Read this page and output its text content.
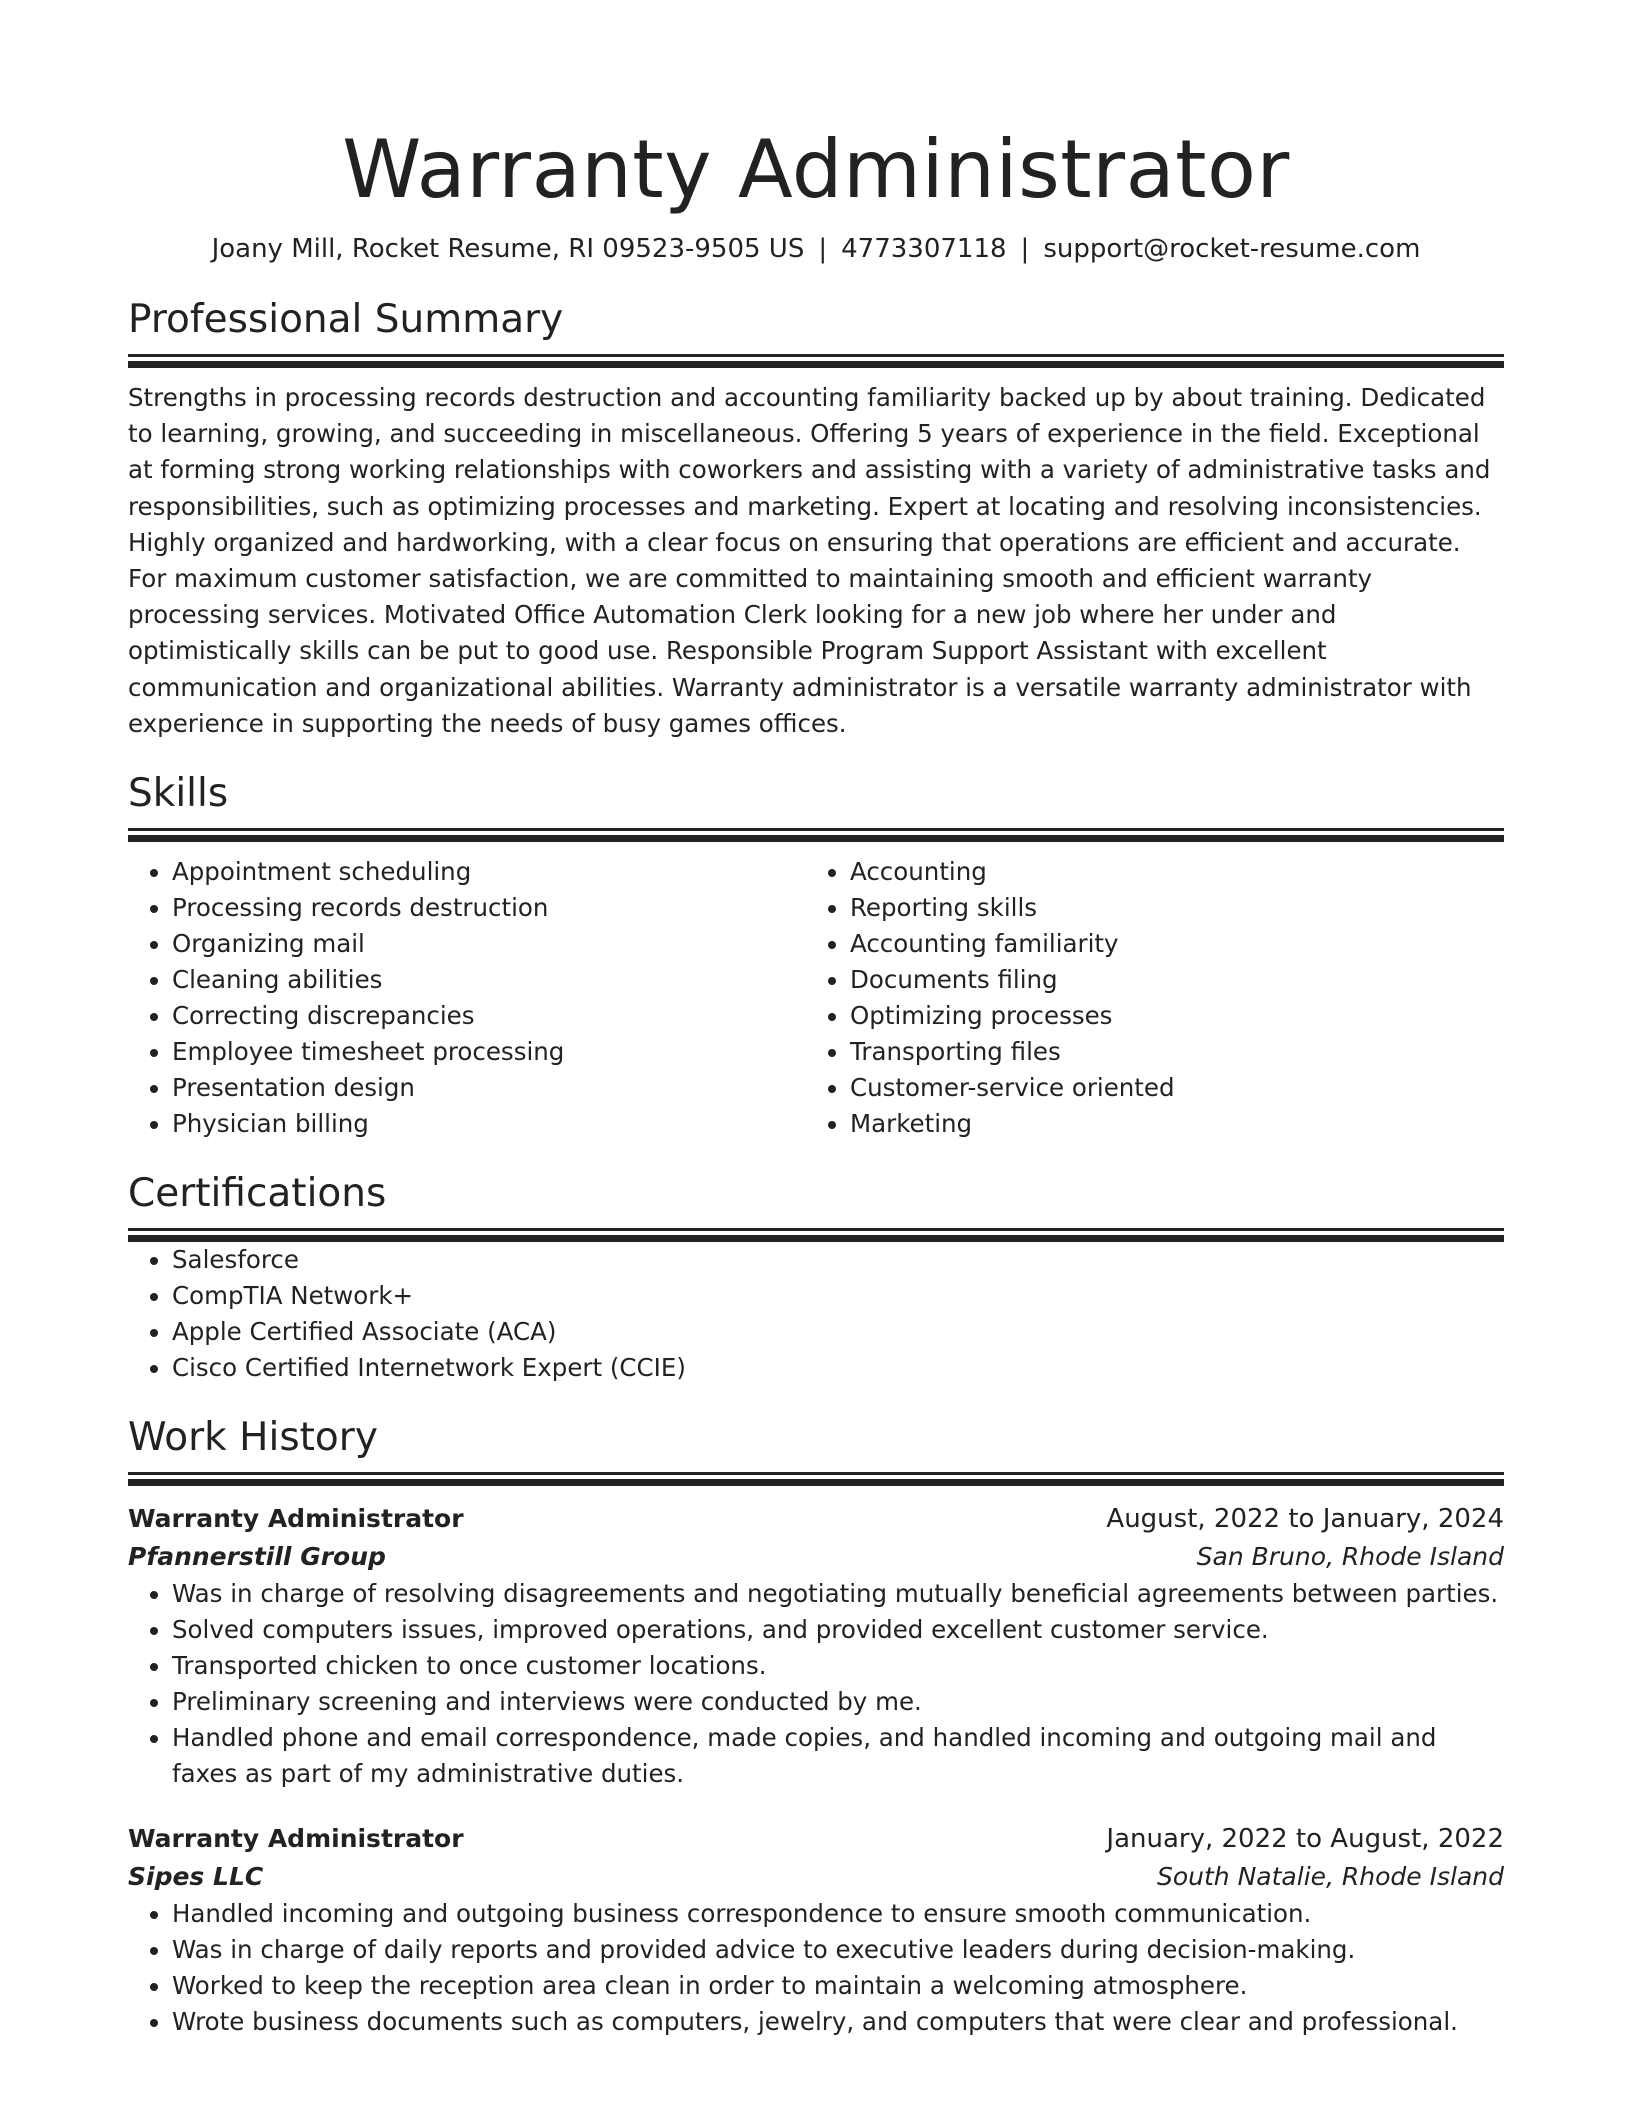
Warranty Administrator
Joany Mill, Rocket Resume, RI 09523-9505 US | 4773307118 | support@rocket-resume.com
Professional Summary

Strengths in processing records destruction and accounting familiarity backed up by about training. Dedicated to learning, growing, and succeeding in miscellaneous. Offering 5 years of experience in the field. Exceptional at forming strong working relationships with coworkers and assisting with a variety of administrative tasks and responsibilities, such as optimizing processes and marketing. Expert at locating and resolving inconsistencies. Highly organized and hardworking, with a clear focus on ensuring that operations are efficient and accurate. For maximum customer satisfaction, we are committed to maintaining smooth and efficient warranty processing services. Motivated Office Automation Clerk looking for a new job where her under and optimistically skills can be put to good use. Responsible Program Support Assistant with excellent communication and organizational abilities. Warranty administrator is a versatile warranty administrator with experience in supporting the needs of busy games offices.

Skills
• Appointment scheduling
• Processing records destruction
• Organizing mail
• Cleaning abilities
• Correcting discrepancies
• Employee timesheet processing
• Presentation design
• Physician billing
• Accounting
• Reporting skills
• Accounting familiarity
• Documents filing
• Optimizing processes
• Transporting files
• Customer-service oriented
• Marketing
Certifications
• Salesforce
• CompTIA Network+
• Apple Certified Associate (ACA)
• Cisco Certified Internetwork Expert (CCIE)
Work History
Warranty Administrator	August, 2022 to January, 2024
Pfannerstill Group	San Bruno, Rhode Island
• Was in charge of resolving disagreements and negotiating mutually beneficial agreements between parties.
• Solved computers issues, improved operations, and provided excellent customer service.
• Transported chicken to once customer locations.
• Preliminary screening and interviews were conducted by me.
• Handled phone and email correspondence, made copies, and handled incoming and outgoing mail and faxes as part of my administrative duties.
Warranty Administrator	January, 2022 to August, 2022
Sipes LLC	South Natalie, Rhode Island
• Handled incoming and outgoing business correspondence to ensure smooth communication.
• Was in charge of daily reports and provided advice to executive leaders during decision-making.
• Worked to keep the reception area clean in order to maintain a welcoming atmosphere.
• Wrote business documents such as computers, jewelry, and computers that were clear and professional.
